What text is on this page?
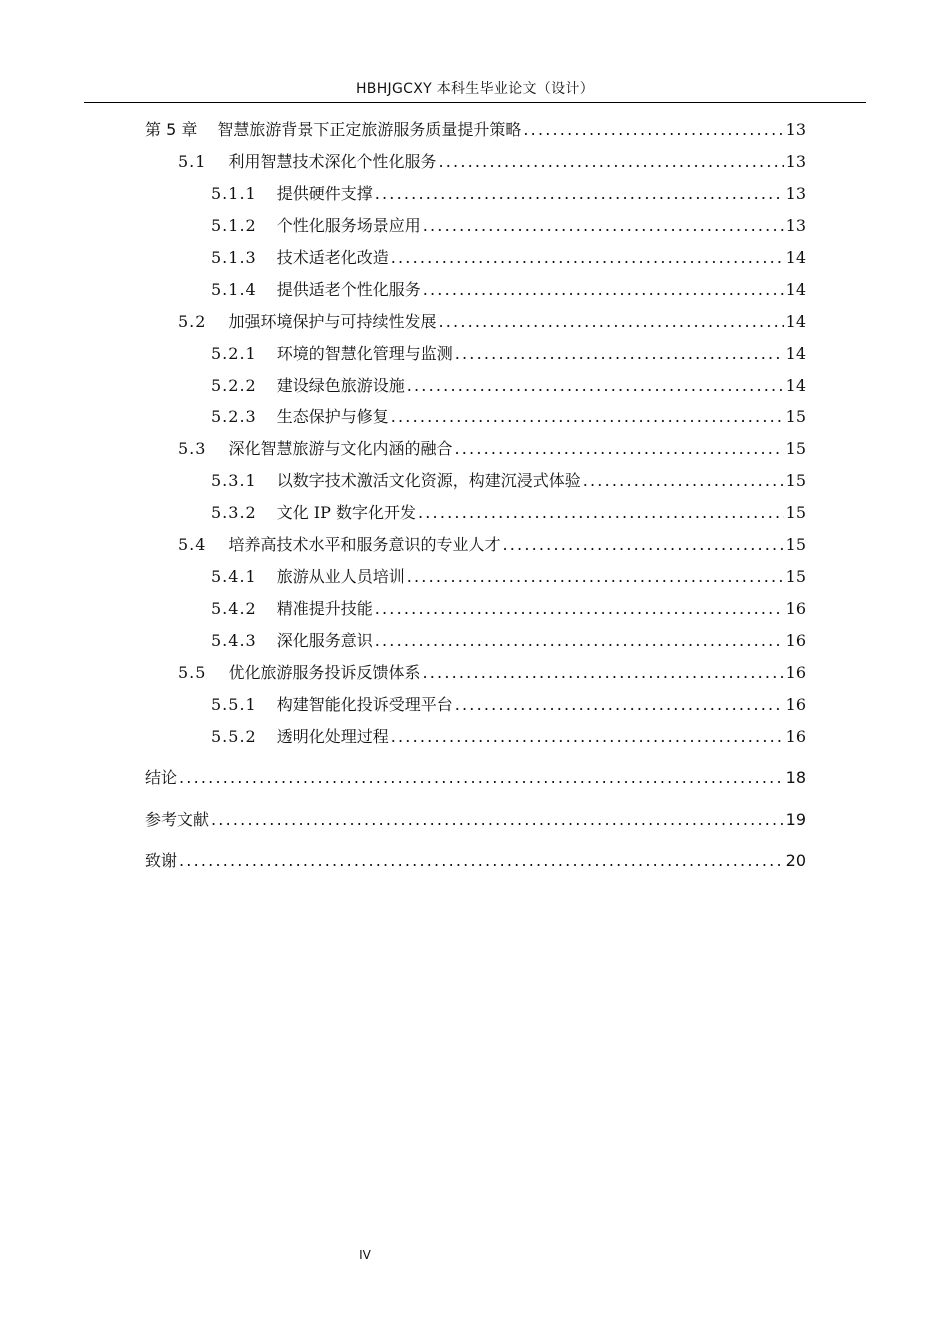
HBHJGCXY 本科生毕业论文（设计）
第 5 章 智慧旅游背景下正定旅游服务质量提升策略 .....	13
5.1 利用智慧技术深化个性化服务 .....	13
5.1.1 提供硬件支撑 .....	13
5.1.2 个性化服务场景应用 .....	13
5.1.3 技术适老化改造 .....	14
5.1.4 提供适老个性化服务 .....	14
5.2 加强环境保护与可持续性发展 .....	14
5.2.1 环境的智慧化管理与监测 .....	14
5.2.2 建设绿色旅游设施 .....	14
5.2.3 生态保护与修复 .....	15
5.3 深化智慧旅游与文化内涵的融合 .....	15
5.3.1 以数字技术激活文化资源，构建沉浸式体验 .....	15
5.3.2 文化 IP 数字化开发 .....	15
5.4 培养高技术水平和服务意识的专业人才 .....	15
5.4.1 旅游从业人员培训 .....	15
5.4.2 精准提升技能 .....	16
5.4.3 深化服务意识 .....	16
5.5 优化旅游服务投诉反馈体系 .....	16
5.5.1 构建智能化投诉受理平台 .....	16
5.5.2 透明化处理过程 .....	16
结论 .....	18
参考文献 .....	19
致谢 .....	20
IV
